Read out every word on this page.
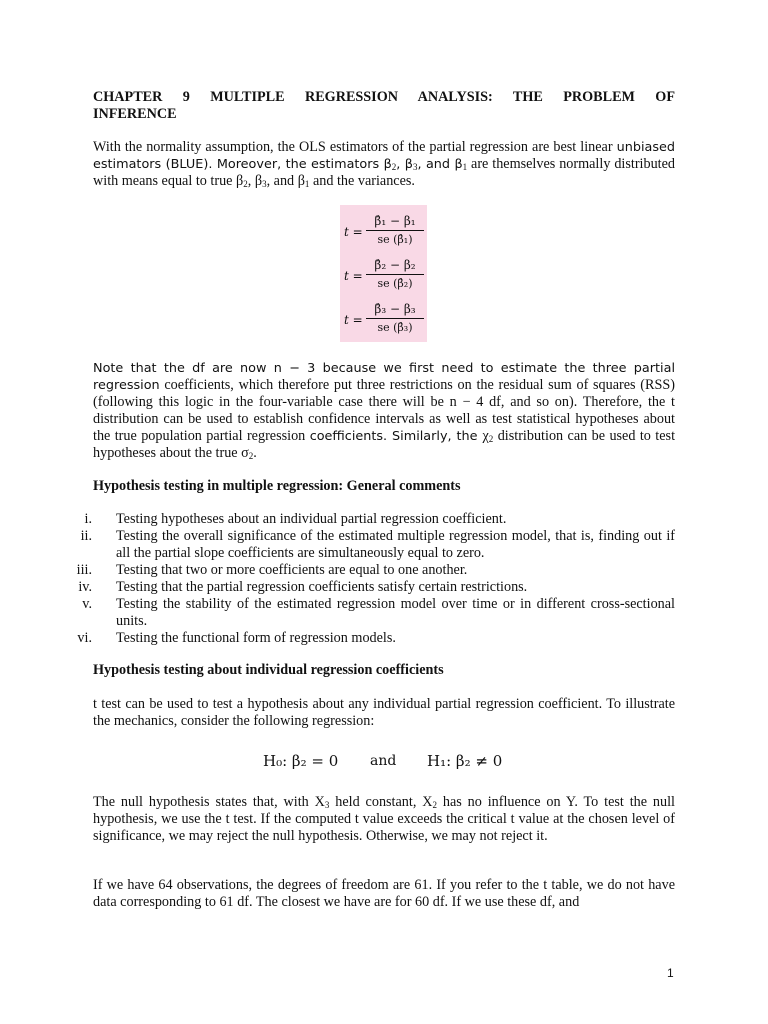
CHAPTER 9 MULTIPLE REGRESSION ANALYSIS: THE PROBLEM OF
INFERENCE
With the normality assumption, the OLS estimators of the partial regression are best linear unbiased estimators (BLUE). Moreover, the estimators $\beta_2$, $\beta_3$, and $\beta_1$ are themselves normally distributed with means equal to true $\beta_2$, $\beta_3$, and $\beta_1$ and the variances.
$t = \frac{\text{β̂₁ − β₁}}{\text{se (β̂₁)}}$
$t = \frac{\text{β̂₂ − β₂}}{\text{se (β̂₂)}}$
$t = \frac{\text{β̂₃ − β₃}}{\text{se (β̂₃)}}$
Note that the df are now n − 3 because we first need to estimate the three partial regression coefficients, which therefore put three restrictions on the residual sum of squares (RSS) (following this logic in the four-variable case there will be n − 4 df, and so on). Therefore, the t distribution can be used to establish confidence intervals as well as test statistical hypotheses about the true population partial regression coefficients. Similarly, the $\chi_2$ distribution can be used to test hypotheses about the true $\sigma_2$.
Hypothesis testing in multiple regression: General comments
i. Testing hypotheses about an individual partial regression coefficient.
ii. Testing the overall significance of the estimated multiple regression model, that is, finding out if all the partial slope coefficients are simultaneously equal to zero.
iii. Testing that two or more coefficients are equal to one another.
iv. Testing that the partial regression coefficients satisfy certain restrictions.
v. Testing the stability of the estimated regression model over time or in different cross-sectional units.
vi. Testing the functional form of regression models.
Hypothesis testing about individual regression coefficients
t test can be used to test a hypothesis about any individual partial regression coefficient. To illustrate the mechanics, consider the following regression:
H₀: β₂ = 0 and H₁: β₂ ≠ 0
The null hypothesis states that, with $X_3$ held constant, $X_2$ has no influence on Y. To test the null hypothesis, we use the t test. If the computed t value exceeds the critical t value at the chosen level of significance, we may reject the null hypothesis. Otherwise, we may not reject it.
If we have 64 observations, the degrees of freedom are 61. If you refer to the t table, we do not have data corresponding to 61 df. The closest we have are for 60 df. If we use these df, and
1
